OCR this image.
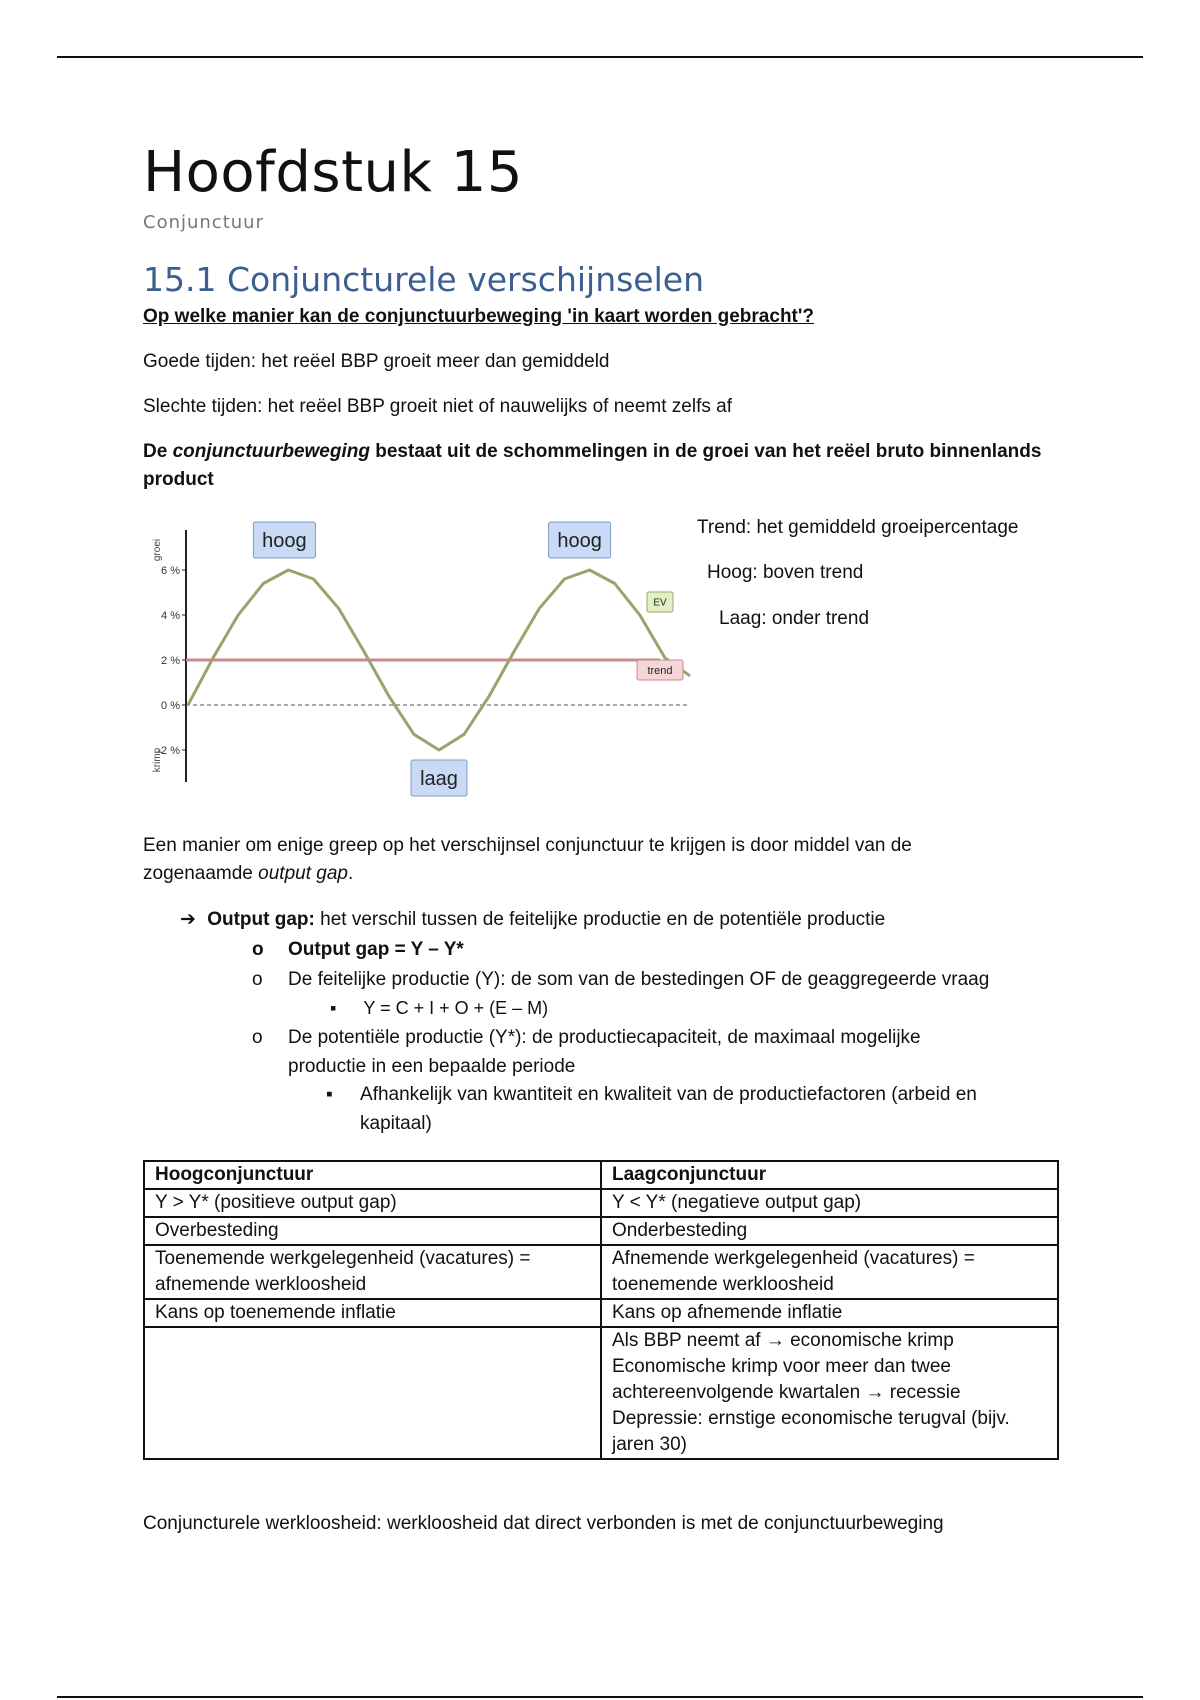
Hoofdstuk 15
Conjunctuur
15.1 Conjuncturele verschijnselen
Op welke manier kan de conjunctuurbeweging 'in kaart worden gebracht'?
Goede tijden: het reëel BBP groeit meer dan gemiddeld
Slechte tijden: het reëel BBP groeit niet of nauwelijks of neemt zelfs af
De conjunctuurbeweging bestaat uit de schommelingen in de groei van het reëel bruto binnenlands product
groei
krimp
6 %
4 %
2 %
0 %
-2 %
hoog	hoog
laag
EV
trend
Trend: het gemiddeld groeipercentage
Hoog: boven trend
Laag: onder trend
Een manier om enige greep op het verschijnsel conjunctuur te krijgen is door middel van de zogenaamde output gap.
➔ Output gap: het verschil tussen de feitelijke productie en de potentiële productie
o Output gap = Y – Y*
o De feitelijke productie (Y): de som van de bestedingen OF de geaggregeerde vraag
▪ Y = C + I + O + (E – M)
o De potentiële productie (Y*): de productiecapaciteit, de maximaal mogelijke
productie in een bepaalde periode
▪ Afhankelijk van kwantiteit en kwaliteit van de productiefactoren (arbeid en
kapitaal)
Hoogconjunctuur	Laagconjunctuur
Y > Y* (positieve output gap)	Y < Y* (negatieve output gap)
Overbesteding	Onderbesteding
Toenemende werkgelegenheid (vacatures) = afnemende werkloosheid	Afnemende werkgelegenheid (vacatures) = toenemende werkloosheid
Kans op toenemende inflatie	Kans op afnemende inflatie

	Als BBP neemt af → economische krimp
Economische krimp voor meer dan twee achtereenvolgende kwartalen → recessie
Depressie: ernstige economische terugval (bijv. jaren 30)
Conjuncturele werkloosheid: werkloosheid dat direct verbonden is met de conjunctuurbeweging
